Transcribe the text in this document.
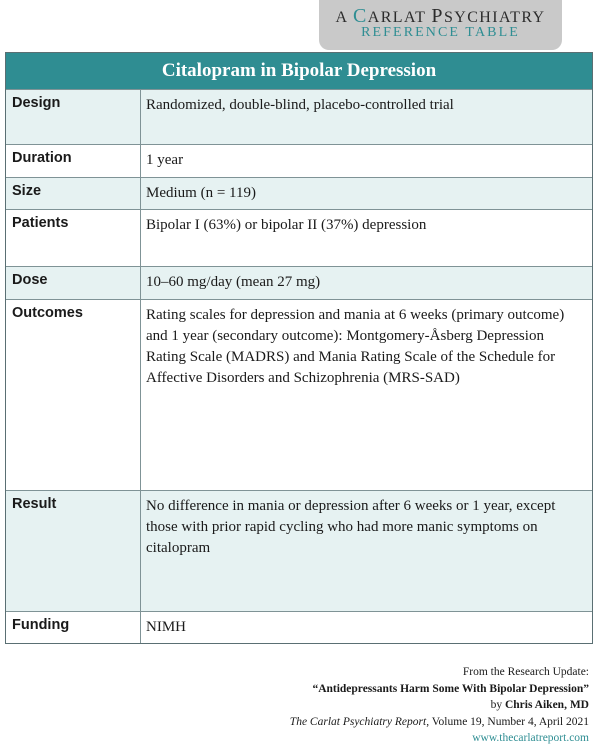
A CARLAT PSYCHIATRY
REFERENCE TABLE
Citalopram in Bipolar Depression
Design	Randomized, double-blind, placebo-controlled trial
Duration	1 year
Size	Medium (n = 119)
Patients	Bipolar I (63%) or bipolar II (37%) depression
Dose	10–60 mg/day (mean 27 mg)
Outcomes	Rating scales for depression and mania at 6 weeks (primary outcome) and 1 year (secondary outcome): Montgomery-Åsberg Depression Rating Scale (MADRS) and Mania Rating Scale of the Schedule for Affective Disorders and Schizophrenia (MRS-SAD)
Result	No difference in mania or depression after 6 weeks or 1 year, except those with prior rapid cycling who had more manic symptoms on citalopram
Funding	NIMH
From the Research Update:
“Antidepressants Harm Some With Bipolar Depression”
by Chris Aiken, MD
The Carlat Psychiatry Report, Volume 19, Number 4, April 2021
www.thecarlatreport.com
